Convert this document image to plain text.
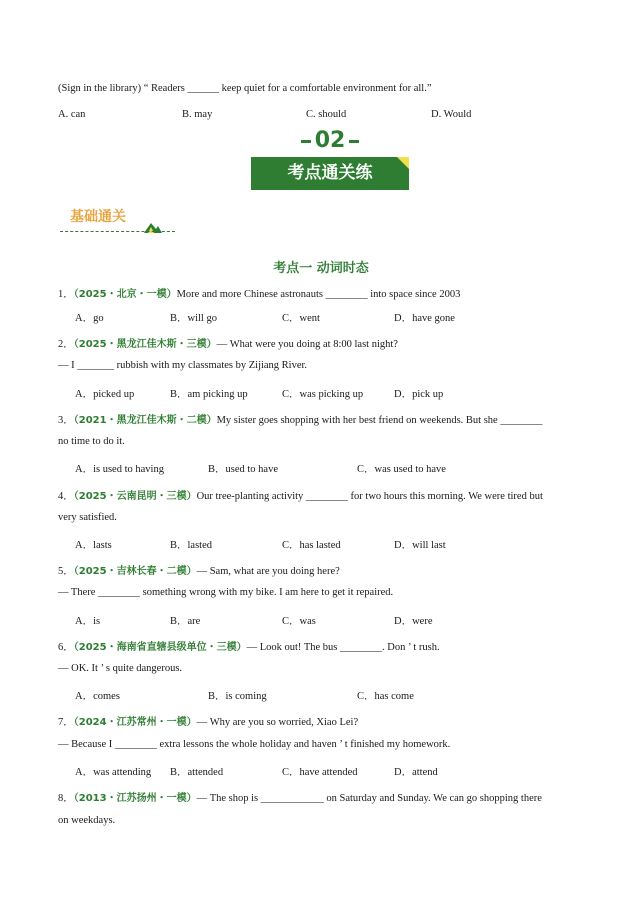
(Sign in the library) “ Readers ______ keep quiet for a comfortable environment for all.”
A. can	B. may	C. should	D. Would
02
考点通关练
基础通关
考点一 动词时态
1．（2025・北京・一模）More and more Chinese astronauts ________ into space since 2003
A．go	B．will go	C．went	D．have gone
2．（2025・黑龙江佳木斯・三模）— What were you doing at 8:00 last night?
— I _______ rubbish with my classmates by Zijiang River.
A．picked up	B．am picking up	C．was picking up	D．pick up
3．（2021・黑龙江佳木斯・二模）My sister goes shopping with her best friend on weekends. But she ________
no time to do it.
A．is used to having	B．used to have	C．was used to have
4．（2025・云南昆明・三模）Our tree-planting activity ________ for two hours this morning. We were tired but
very satisfied.
A．lasts	B．lasted	C．has lasted	D．will last
5．（2025・吉林长春・二模）— Sam, what are you doing here?
— There ________ something wrong with my bike. I am here to get it repaired.
A．is	B．are	C．was	D．were
6．（2025・海南省直辖县级单位・三模）— Look out! The bus ________. Don ’ t rush.
— OK. It ’ s quite dangerous.
A．comes	B．is coming	C．has come
7．（2024・江苏常州・一模）— Why are you so worried, Xiao Lei?
— Because I ________ extra lessons the whole holiday and haven ’ t finished my homework.
A．was attending B．attended	C．have attended	D．attend
8．（2013・江苏扬州・一模）— The shop is ____________ on Saturday and Sunday. We can go shopping there
on weekdays.
